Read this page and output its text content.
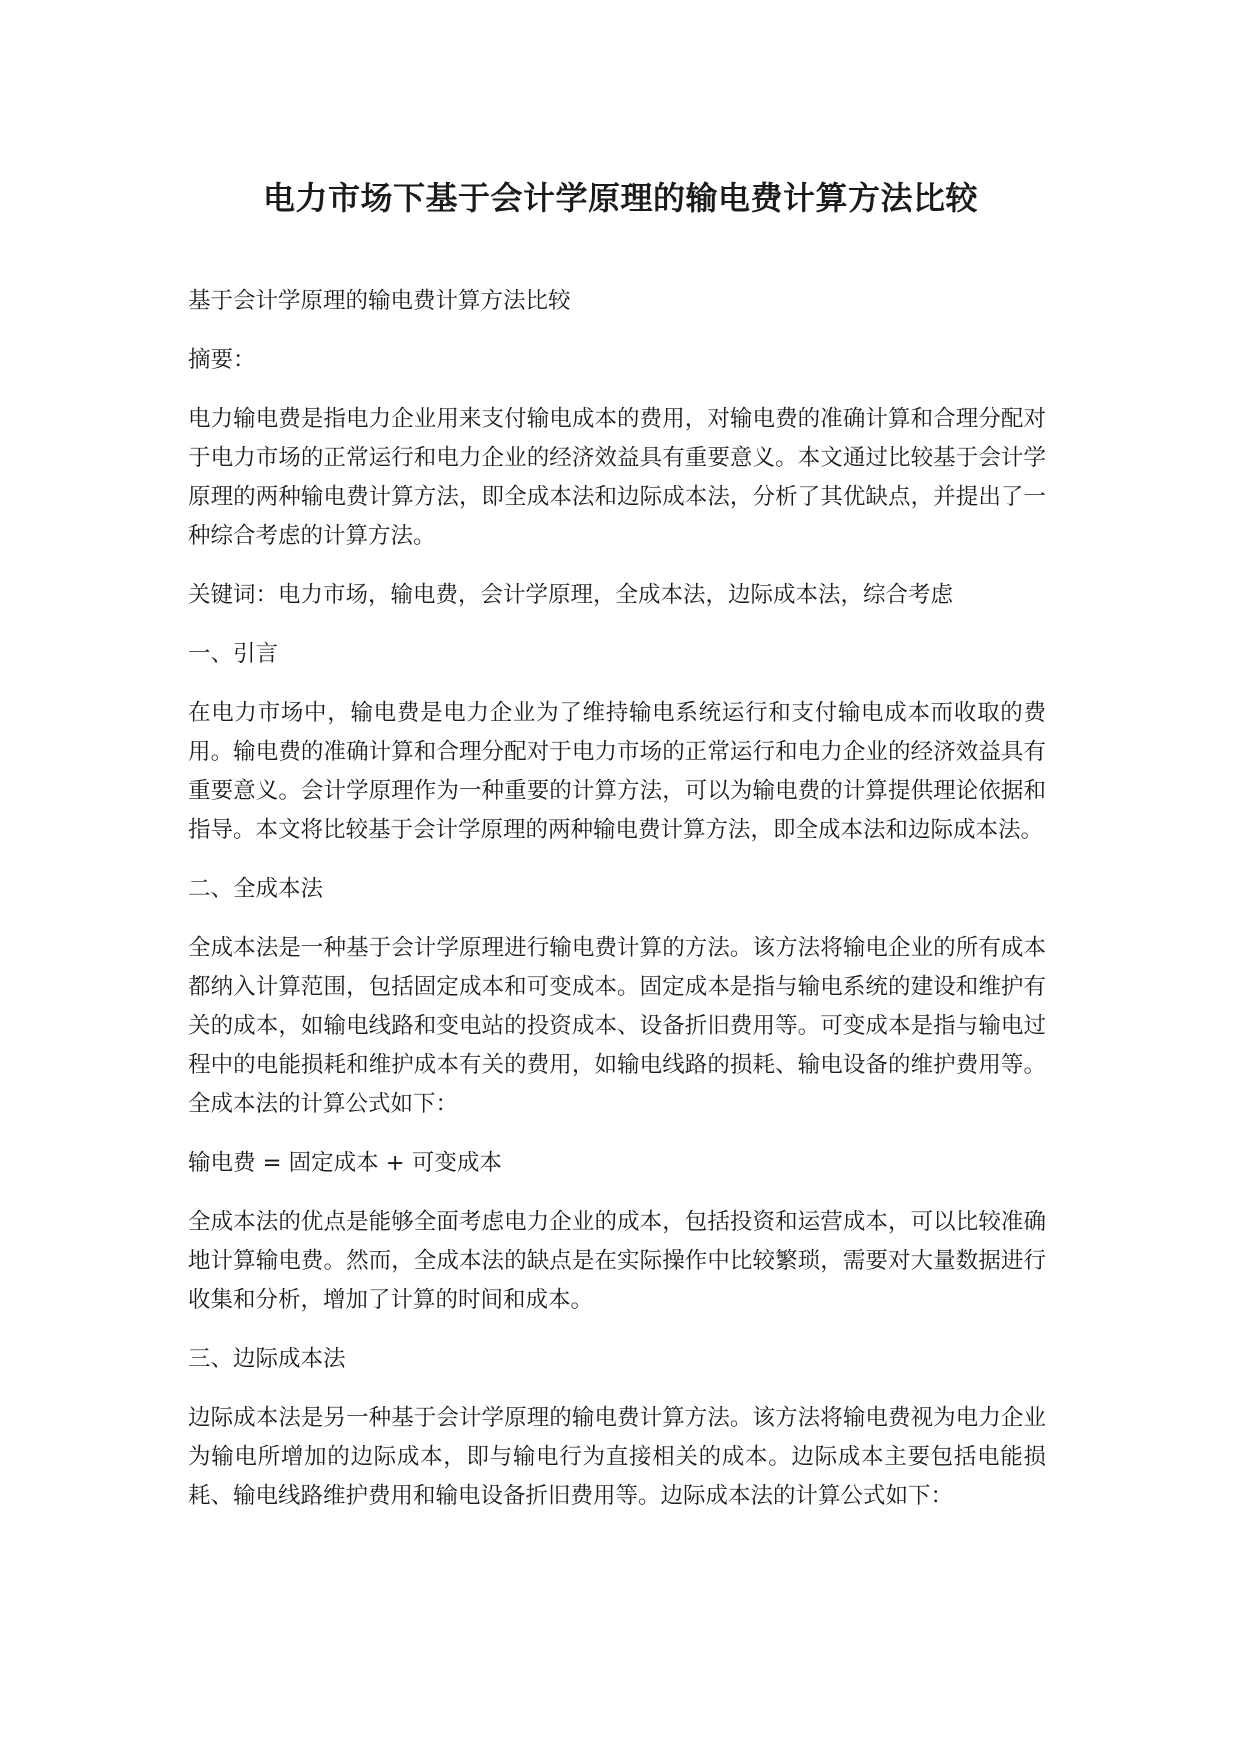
电力市场下基于会计学原理的输电费计算方法比较

基于会计学原理的输电费计算方法比较

摘要：

电力输电费是指电力企业用来支付输电成本的费用，对输电费的准确计算和合理分配对于电力市场的正常运行和电力企业的经济效益具有重要意义。本文通过比较基于会计学原理的两种输电费计算方法，即全成本法和边际成本法，分析了其优缺点，并提出了一种综合考虑的计算方法。

关键词：电力市场，输电费，会计学原理，全成本法，边际成本法，综合考虑

一、引言

在电力市场中，输电费是电力企业为了维持输电系统运行和支付输电成本而收取的费用。输电费的准确计算和合理分配对于电力市场的正常运行和电力企业的经济效益具有重要意义。会计学原理作为一种重要的计算方法，可以为输电费的计算提供理论依据和指导。本文将比较基于会计学原理的两种输电费计算方法，即全成本法和边际成本法。

二、全成本法

全成本法是一种基于会计学原理进行输电费计算的方法。该方法将输电企业的所有成本都纳入计算范围，包括固定成本和可变成本。固定成本是指与输电系统的建设和维护有关的成本，如输电线路和变电站的投资成本、设备折旧费用等。可变成本是指与输电过程中的电能损耗和维护成本有关的费用，如输电线路的损耗、输电设备的维护费用等。全成本法的计算公式如下：

输电费 = 固定成本 + 可变成本

全成本法的优点是能够全面考虑电力企业的成本，包括投资和运营成本，可以比较准确地计算输电费。然而，全成本法的缺点是在实际操作中比较繁琐，需要对大量数据进行收集和分析，增加了计算的时间和成本。

三、边际成本法

边际成本法是另一种基于会计学原理的输电费计算方法。该方法将输电费视为电力企业为输电所增加的边际成本，即与输电行为直接相关的成本。边际成本主要包括电能损耗、输电线路维护费用和输电设备折旧费用等。边际成本法的计算公式如下：
